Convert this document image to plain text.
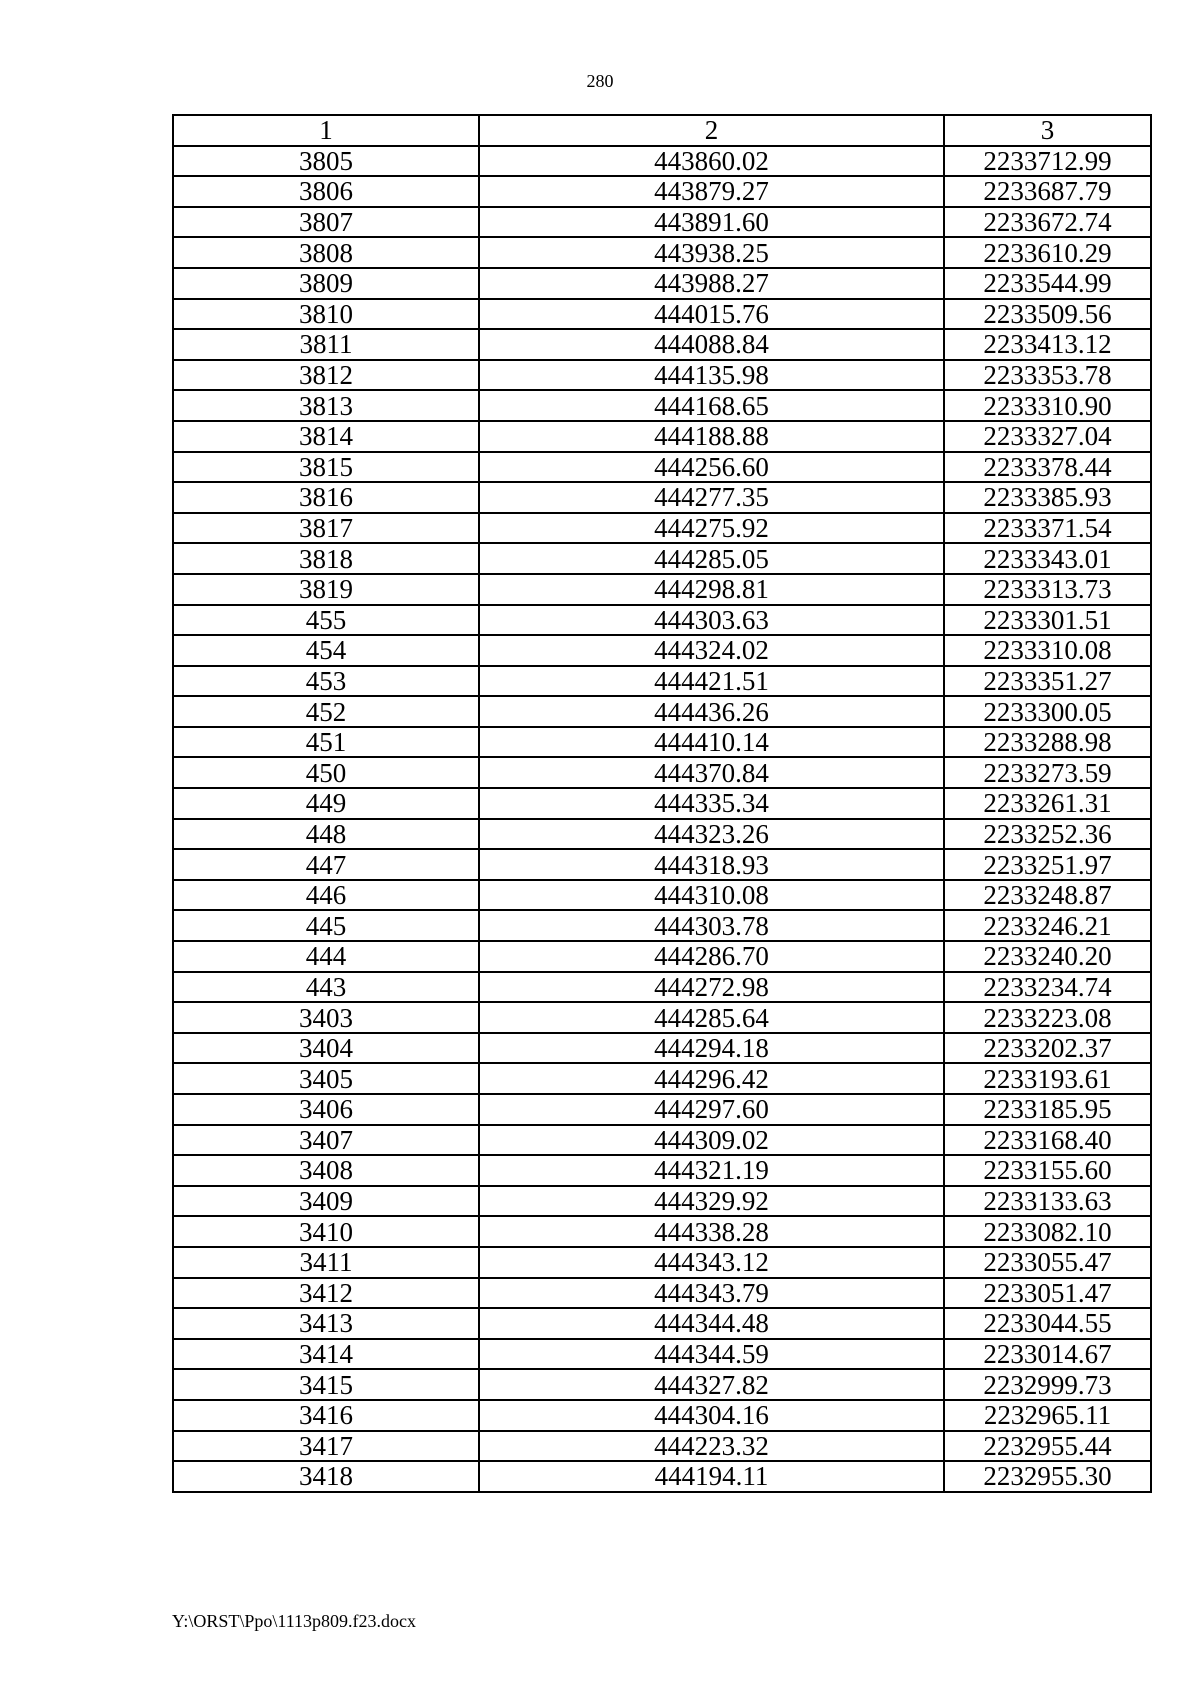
280
1	2	3
3805	443860.02	2233712.99
3806	443879.27	2233687.79
3807	443891.60	2233672.74
3808	443938.25	2233610.29
3809	443988.27	2233544.99
3810	444015.76	2233509.56
3811	444088.84	2233413.12
3812	444135.98	2233353.78
3813	444168.65	2233310.90
3814	444188.88	2233327.04
3815	444256.60	2233378.44
3816	444277.35	2233385.93
3817	444275.92	2233371.54
3818	444285.05	2233343.01
3819	444298.81	2233313.73
455	444303.63	2233301.51
454	444324.02	2233310.08
453	444421.51	2233351.27
452	444436.26	2233300.05
451	444410.14	2233288.98
450	444370.84	2233273.59
449	444335.34	2233261.31
448	444323.26	2233252.36
447	444318.93	2233251.97
446	444310.08	2233248.87
445	444303.78	2233246.21
444	444286.70	2233240.20
443	444272.98	2233234.74
3403	444285.64	2233223.08
3404	444294.18	2233202.37
3405	444296.42	2233193.61
3406	444297.60	2233185.95
3407	444309.02	2233168.40
3408	444321.19	2233155.60
3409	444329.92	2233133.63
3410	444338.28	2233082.10
3411	444343.12	2233055.47
3412	444343.79	2233051.47
3413	444344.48	2233044.55
3414	444344.59	2233014.67
3415	444327.82	2232999.73
3416	444304.16	2232965.11
3417	444223.32	2232955.44
3418	444194.11	2232955.30
Y:\ORST\Ppo\1113p809.f23.docx
